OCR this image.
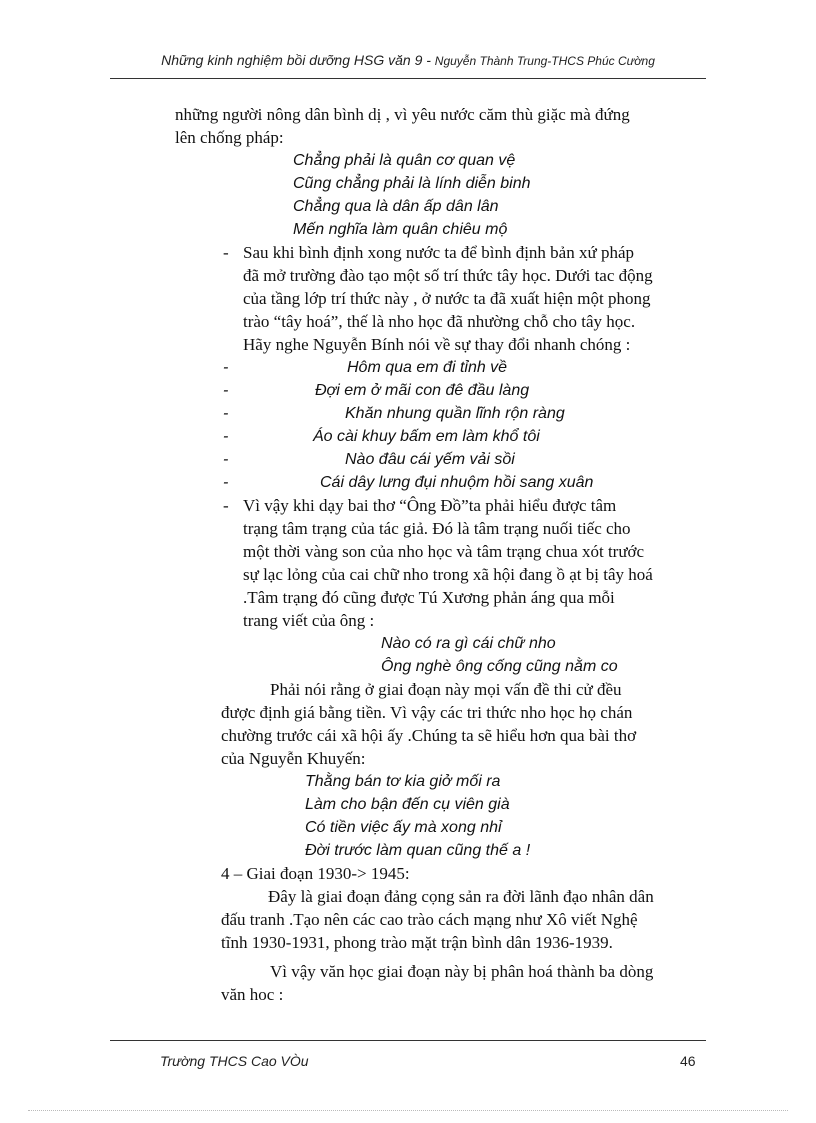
Những kinh nghiệm bồi dưỡng HSG văn 9 - Nguyễn Thành Trung-THCS Phúc Cường
những người nông dân bình dị , vì yêu nước căm thù giặc mà đứng
lên chống pháp:
Chẳng phải là quân cơ quan vệ
Cũng chẳng phải là lính diễn binh
Chẳng qua là dân ấp dân lân
Mến nghĩa làm quân chiêu mộ
- Sau khi bình định xong nước ta để bình định bản xứ pháp
đã mở trường đào tạo một số trí thức tây học. Dưới tac động
của tầng lớp trí thức này , ở nước ta đã xuất hiện một phong
trào “tây hoá”, thế là nho học đã nhường chỗ cho tây học.
Hãy nghe Nguyễn Bính nói về sự thay đổi nhanh chóng :
-	Hôm qua em đi tỉnh về
-	Đợi em ở mãi con đê đầu làng
-	Khăn nhung quần lĩnh rộn ràng
-	Áo cài khuy bấm em làm khổ tôi
-	Nào đâu cái yếm vải sồi
-	Cái dây lưng đụi nhuộm hồi sang xuân
- Vì vậy khi dạy bai thơ “Ông Đồ”ta phải hiểu được tâm
trạng tâm trạng của tác giả. Đó là tâm trạng nuối tiếc cho
một thời vàng son của nho học và tâm trạng chua xót trước
sự lạc lỏng của cai chữ nho trong xã hội đang ồ ạt bị tây hoá
.Tâm trạng đó cũng được Tú Xương phản áng qua mỗi
trang viết của ông :
Nào có ra gì cái chữ nho
Ông nghè ông cống cũng nằm co
Phải nói rằng ở giai đoạn này mọi vấn đề thi cử đều
được định giá bằng tiền. Vì vậy các tri thức nho học họ chán
chường trước cái xã hội ấy .Chúng ta sẽ hiểu hơn qua bài thơ
của Nguyễn Khuyến:
Thằng bán tơ kia giở mối ra
Làm cho bận đến cụ viên già
Có tiền việc ấy mà xong nhỉ
Đời trước làm quan cũng thế a !
4 – Giai đoạn 1930-> 1945:
Đây là giai đoạn đảng cọng sản ra đời lãnh đạo nhân dân
đấu tranh .Tạo nên các cao trào cách mạng như Xô viết Nghệ
tĩnh 1930-1931, phong trào mặt trận bình dân 1936-1939.
Vì vậy văn học giai đoạn này bị phân hoá thành ba dòng
văn hoc :
Trường THCS Cao VÒu	46
